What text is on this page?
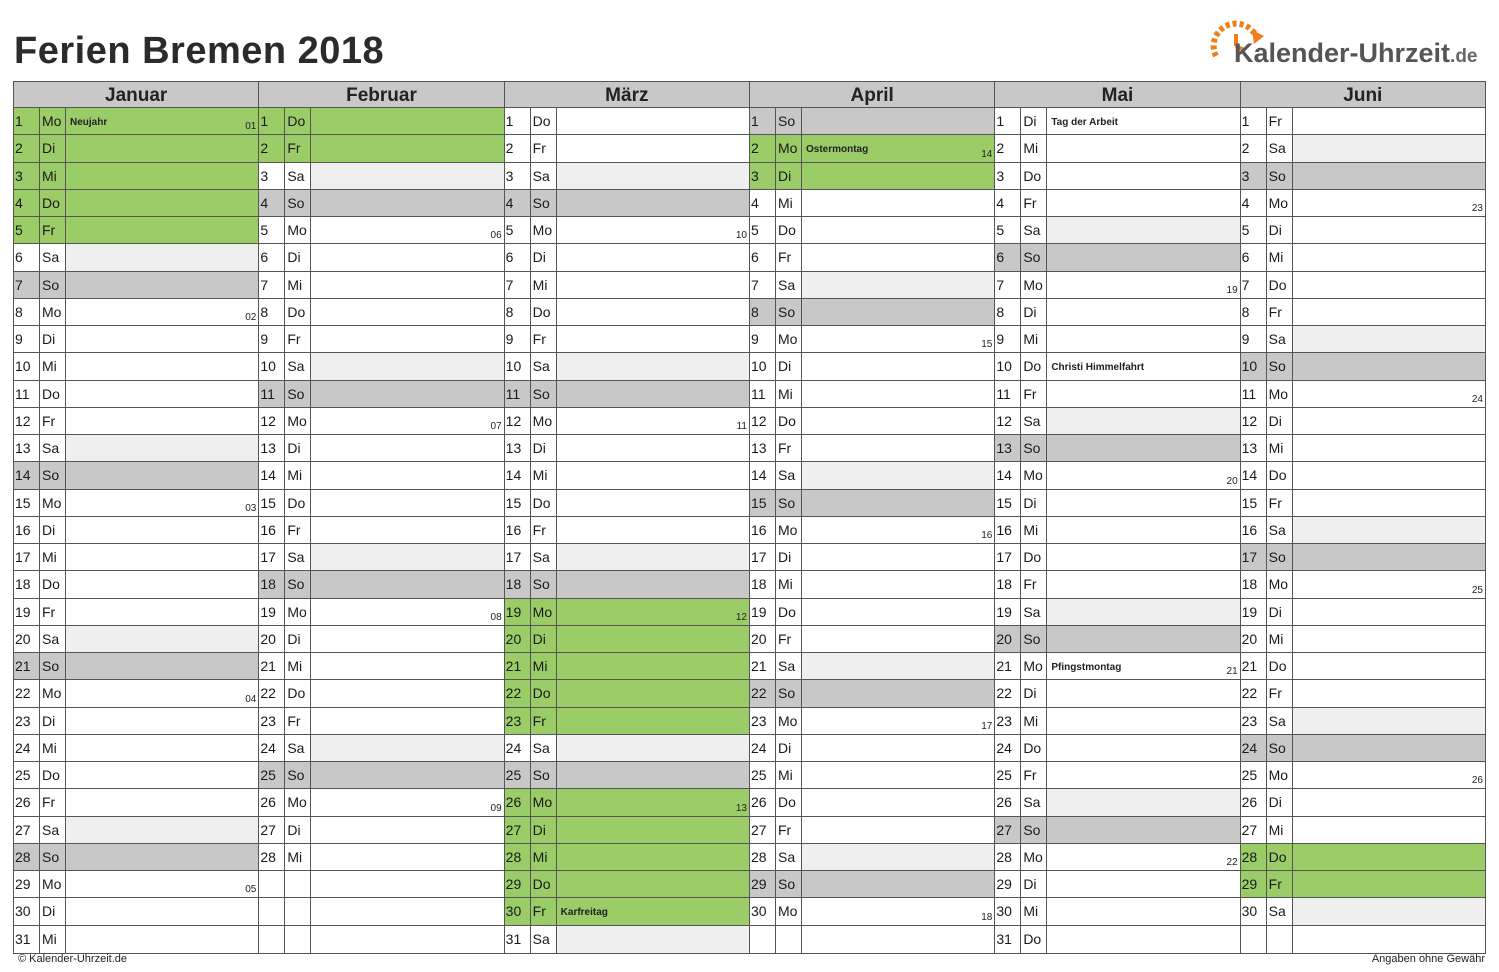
Ferien Bremen 2018	Kalender-Uhrzeit.de
Januar
1	Mo Neujahr	01
2	Di
3	Mi
4	Do
5	Fr
6	Sa
7	So
8	Mo	02
9	Di
10 Mi
11 Do
12 Fr
13 Sa
14 So
15 Mo	03
16 Di
17 Mi
18 Do
19 Fr
20 Sa
21 So
22 Mo	04
23 Di
24 Mi
25 Do
26 Fr
27 Sa
28 So
29 Mo	05
30 Di
31 Mi
Februar
1	Do
2	Fr
3	Sa
4	So
5	Mo	06
6	Di
7	Mi
8	Do
9	Fr
10 Sa
11 So
12 Mo	07
13 Di
14 Mi
15 Do
16 Fr
17 Sa
18 So
19 Mo	08
20 Di
21 Mi
22 Do
23 Fr
24 Sa
25 So
26 Mo	09
27 Di
28 Mi
März
1	Do
2	Fr
3	Sa
4	So
5	Mo	10
6	Di
7	Mi
8	Do
9	Fr
10 Sa
11 So
12 Mo	11
13 Di
14 Mi
15 Do
16 Fr
17 Sa
18 So
19 Mo	12
20 Di
21 Mi
22 Do
23 Fr
24 Sa
25 So
26 Mo	13
27 Di
28 Mi
29 Do
30 Fr	Karfreitag
31 Sa
April
1	So
2	Mo Ostermontag	14
3	Di
4	Mi
5	Do
6	Fr
7	Sa
8	So
9	Mo	15
10 Di
11 Mi
12 Do
13 Fr
14 Sa
15 So
16 Mo	16
17 Di
18 Mi
19 Do
20 Fr
21 Sa
22 So
23 Mo	17
24 Di
25 Mi
26 Do
27 Fr
28 Sa
29 So
30 Mo	18
Mai
1	Di	Tag der Arbeit
2	Mi
3	Do
4	Fr
5	Sa
6	So
7	Mo	19
8	Di
9	Mi
10 Do	Christi Himmelfahrt
11 Fr
12 Sa
13 So
14 Mo	20
15 Di
16 Mi
17 Do
18 Fr
19 Sa
20 So
21 Mo Pfingstmontag	21
22 Di
23 Mi
24 Do
25 Fr
26 Sa
27 So
28 Mo	22
29 Di
30 Mi
31 Do
Juni
1	Fr
2	Sa
3	So
4	Mo	23
5	Di
6	Mi
7	Do
8	Fr
9	Sa
10 So
11 Mo	24
12 Di
13 Mi
14 Do
15 Fr
16 Sa
17 So
18 Mo	25
19 Di
20 Mi
21 Do
22 Fr
23 Sa
24 So
25 Mo	26
26 Di
27 Mi
28 Do
29 Fr
30 Sa
© Kalender-Uhrzeit.de	Angaben ohne Gewähr
